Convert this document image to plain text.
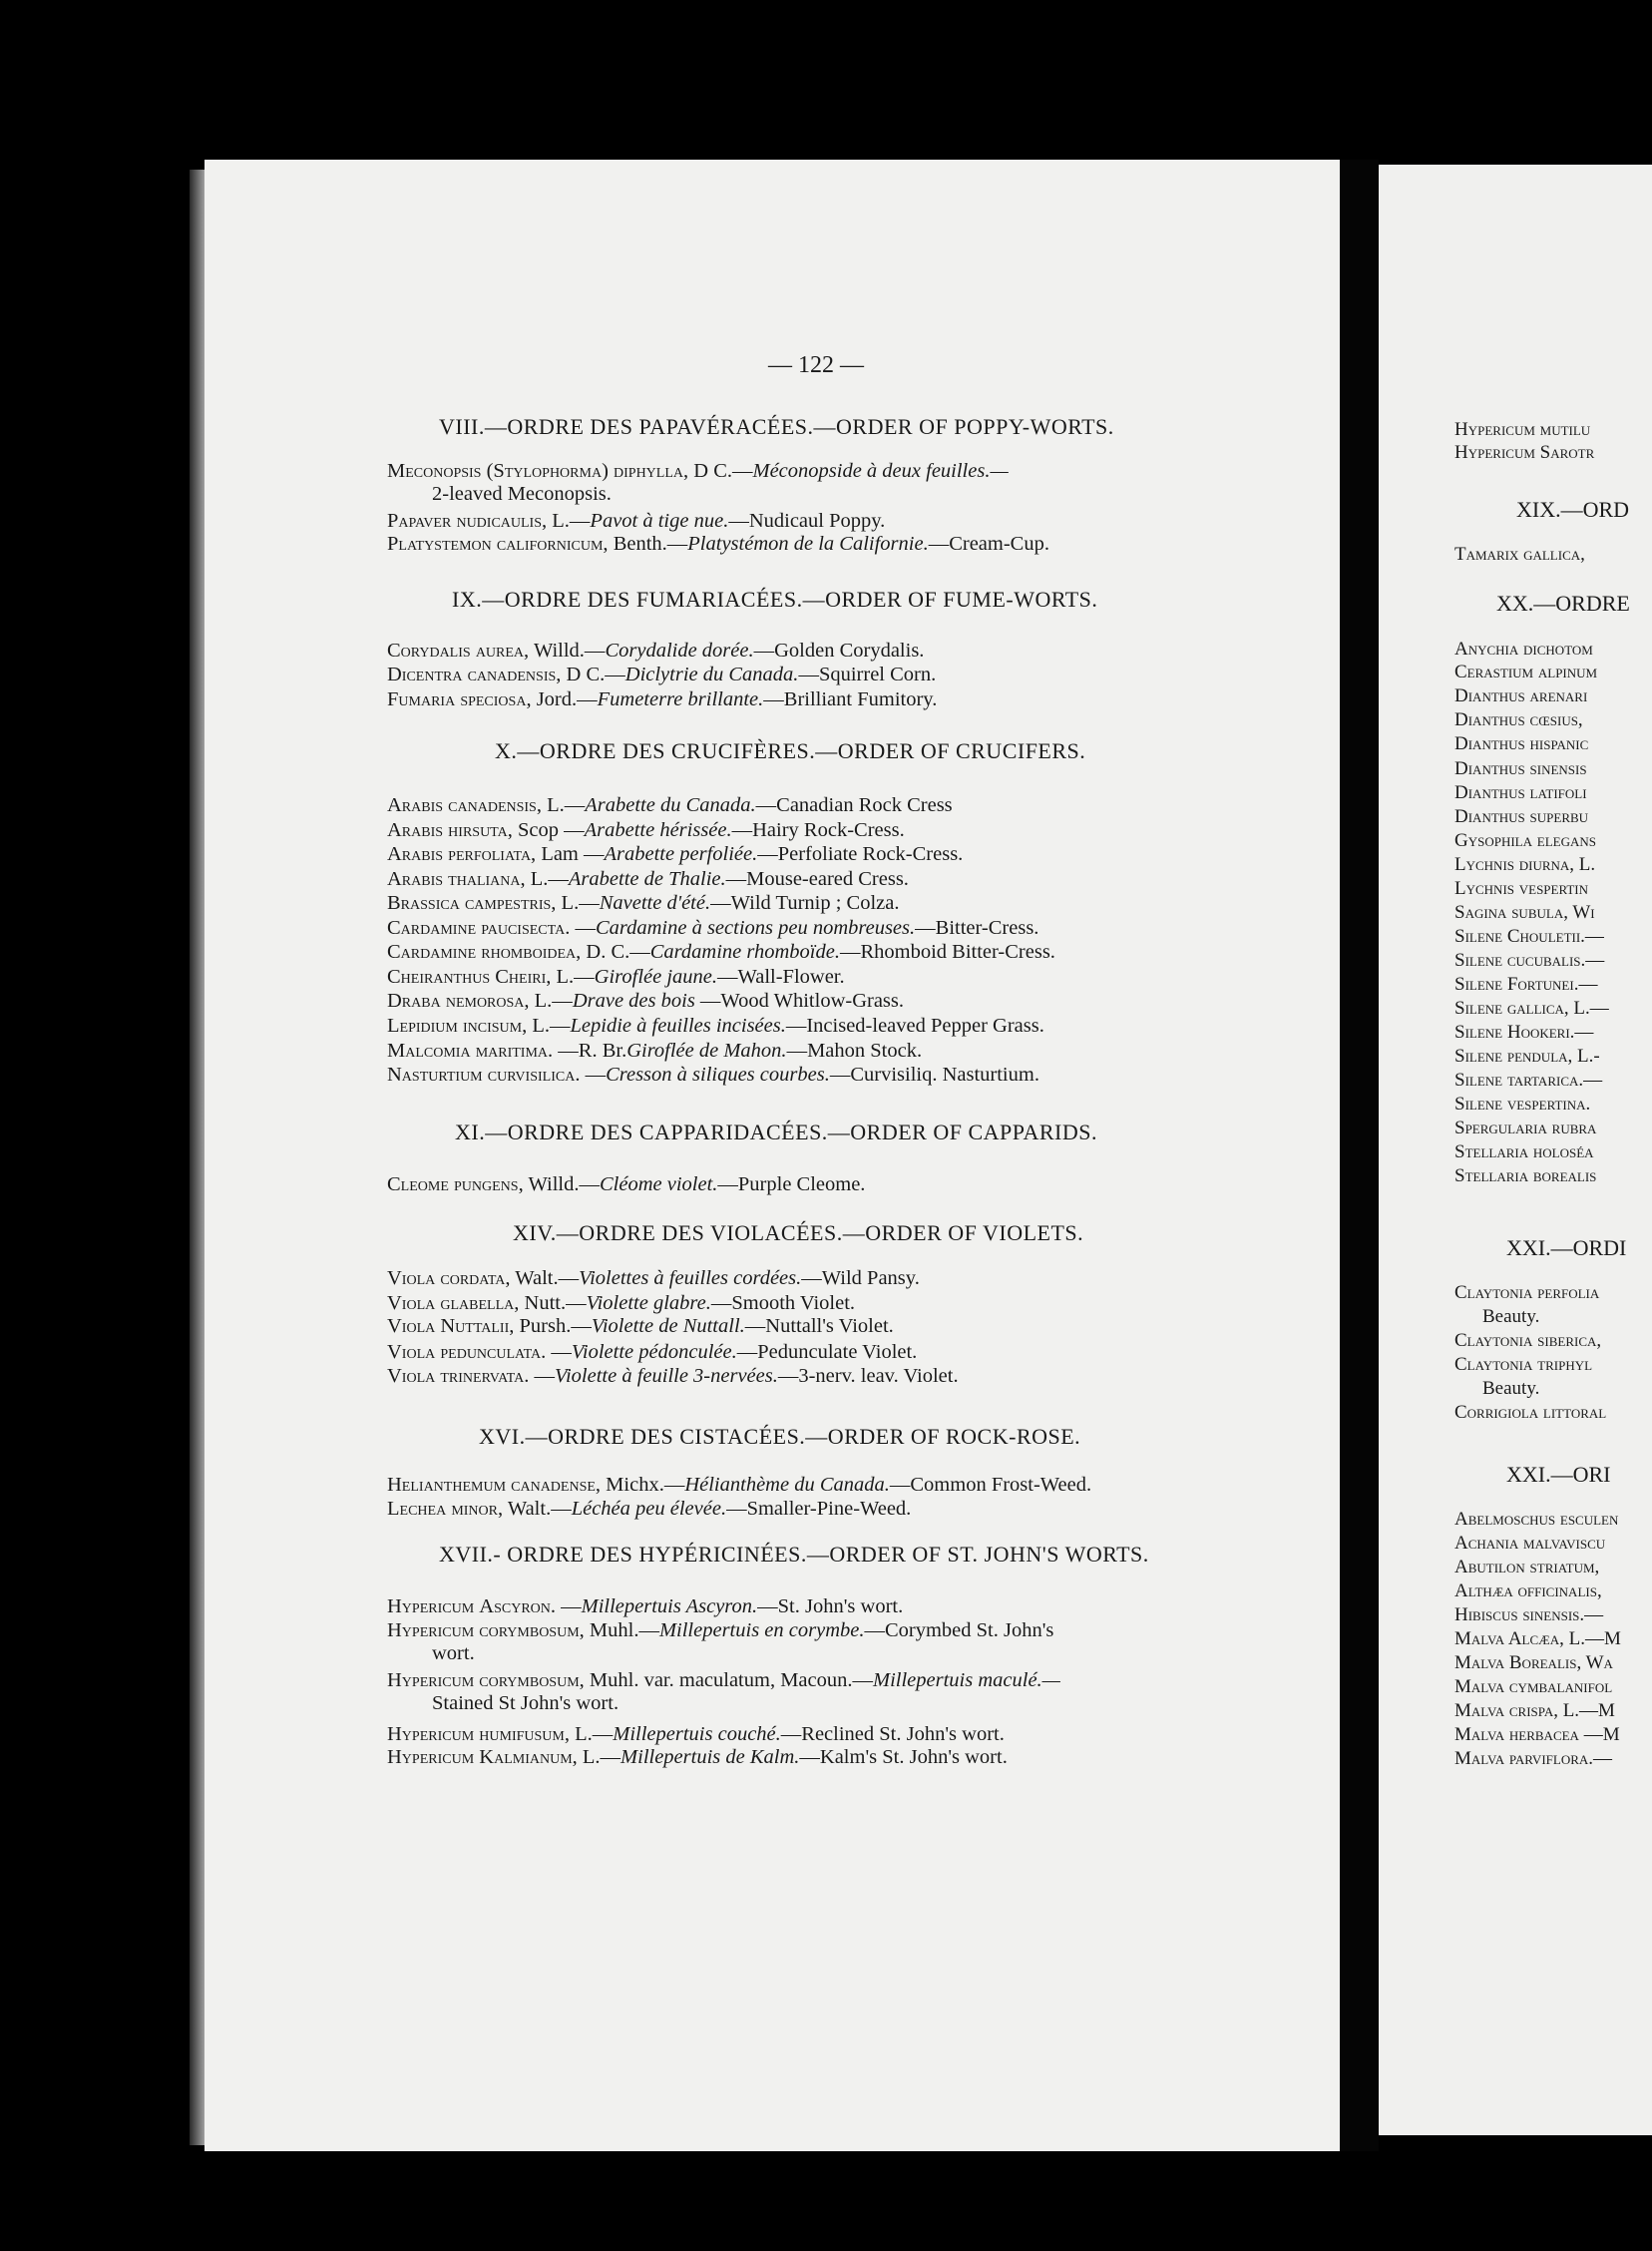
— 122 —
VIII.—ORDRE DES PAPAVÉRACÉES.—ORDER OF POPPY-WORTS.
Meconopsis (Stylophorma) diphylla, D C.—Méconopside à deux feuilles.—
2-leaved Meconopsis.
Papaver nudicaulis, L.—Pavot à tige nue.—Nudicaul Poppy.
Platystemon californicum, Benth.—Platystémon de la Californie.—Cream-Cup.
IX.—ORDRE DES FUMARIACÉES.—ORDER OF FUME-WORTS.
Corydalis aurea, Willd.—Corydalide dorée.—Golden Corydalis.
Dicentra canadensis, D C.—Diclytrie du Canada.—Squirrel Corn.
Fumaria speciosa, Jord.—Fumeterre brillante.—Brilliant Fumitory.
X.—ORDRE DES CRUCIFÈRES.—ORDER OF CRUCIFERS.
Arabis canadensis, L.—Arabette du Canada.—Canadian Rock Cress
Arabis hirsuta, Scop —Arabette hérissée.—Hairy Rock-Cress.
Arabis perfoliata, Lam —Arabette perfoliée.—Perfoliate Rock-Cress.
Arabis thaliana, L.—Arabette de Thalie.—Mouse-eared Cress.
Brassica campestris, L.—Navette d'été.—Wild Turnip ; Colza.
Cardamine paucisecta. —Cardamine à sections peu nombreuses.—Bitter-Cress.
Cardamine rhomboidea, D. C.—Cardamine rhomboïde.—Rhomboid Bitter-Cress.
Cheiranthus Cheiri, L.—Giroflée jaune.—Wall-Flower.
Draba nemorosa, L.—Drave des bois —Wood Whitlow-Grass.
Lepidium incisum, L.—Lepidie à feuilles incisées.—Incised-leaved Pepper Grass.
Malcomia maritima. —R. Br.Giroflée de Mahon.—Mahon Stock.
Nasturtium curvisilica. —Cresson à siliques courbes.—Curvisiliq. Nasturtium.
XI.—ORDRE DES CAPPARIDACÉES.—ORDER OF CAPPARIDS.
Cleome pungens, Willd.—Cléome violet.—Purple Cleome.
XIV.—ORDRE DES VIOLACÉES.—ORDER OF VIOLETS.
Viola cordata, Walt.—Violettes à feuilles cordées.—Wild Pansy.
Viola glabella, Nutt.—Violette glabre.—Smooth Violet.
Viola Nuttalii, Pursh.—Violette de Nuttall.—Nuttall's Violet.
Viola pedunculata. —Violette pédonculée.—Pedunculate Violet.
Viola trinervata. —Violette à feuille 3-nervées.—3-nerv. leav. Violet.
XVI.—ORDRE DES CISTACÉES.—ORDER OF ROCK-ROSE.
Helianthemum canadense, Michx.—Hélianthème du Canada.—Common Frost-Weed.
Lechea minor, Walt.—Léchéa peu élevée.—Smaller-Pine-Weed.
XVII.- ORDRE DES HYPÉRICINÉES.—ORDER OF ST. JOHN'S WORTS.
Hypericum Ascyron. —Millepertuis Ascyron.—St. John's wort.
Hypericum corymbosum, Muhl.—Millepertuis en corymbe.—Corymbed St. John's
wort.
Hypericum corymbosum, Muhl. var. maculatum, Macoun.—Millepertuis maculé.—
Stained St John's wort.
Hypericum humifusum, L.—Millepertuis couché.—Reclined St. John's wort.
Hypericum Kalmianum, L.—Millepertuis de Kalm.—Kalm's St. John's wort.
Hypericum mutilu
Hypericum Sarotr
XIX.—ORD
Tamarix gallica,
XX.—ORDRE
Anychia dichotom
Cerastium alpinum
Dianthus arenari
Dianthus cœsius,
Dianthus hispanic
Dianthus sinensis
Dianthus latifoli
Dianthus superbu
Gysophila elegans
Lychnis diurna, L.
Lychnis vespertin
Sagina subula, Wi
Silene Chouletii.—
Silene cucubalis.—
Silene Fortunei.—
Silene gallica, L.—
Silene Hookeri.—
Silene pendula, L.-
Silene tartarica.—
Silene vespertina.
Spergularia rubra
Stellaria holoséa
Stellaria borealis
XXI.—ORDI
Claytonia perfolia
Beauty.
Claytonia siberica,
Claytonia triphyl
Beauty.
Corrigiola littoral
XXI.—ORI
Abelmoschus esculen
Achania malvaviscu
Abutilon striatum,
Althæa officinalis,
Hibiscus sinensis.—
Malva Alcæa, L.—M
Malva Borealis, Wa
Malva cymbalanifol
Malva crispa, L.—M
Malva herbacea —M
Malva parviflora.—
